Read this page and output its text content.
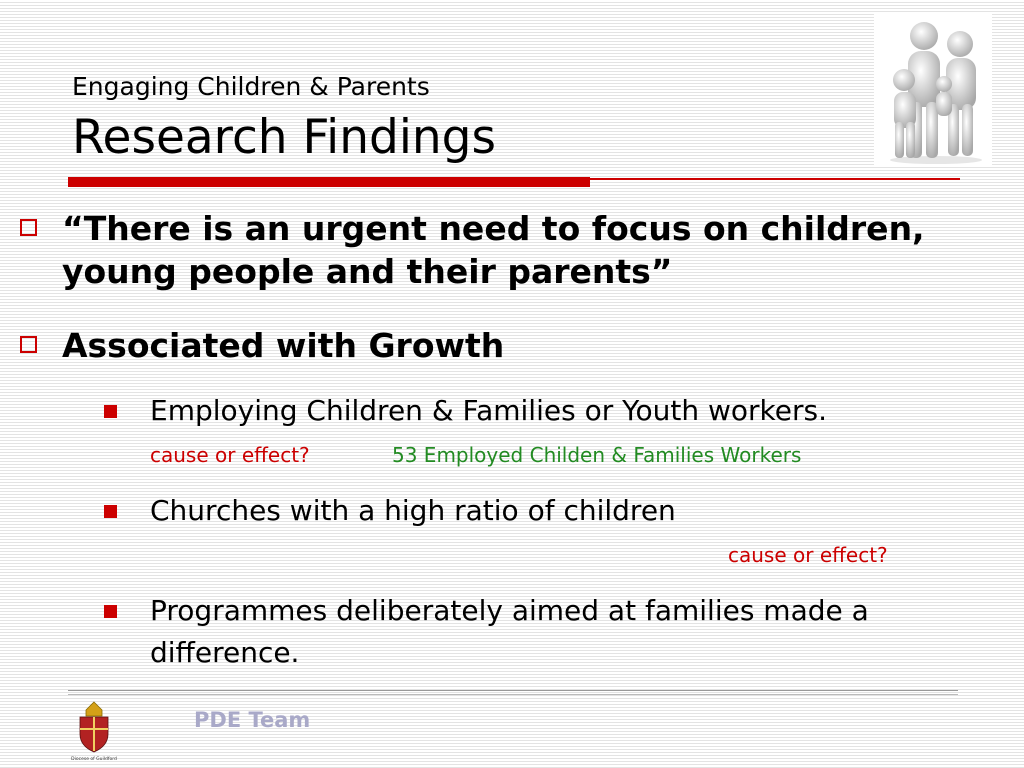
Engaging Children & Parents
Research Findings
“There is an urgent need to focus on children, young people and their parents”
Associated with Growth
Employing Children & Families or Youth workers.
cause or effect?	53 Employed Childen & Families Workers
Churches with a high ratio of children
cause or effect?
Programmes deliberately aimed at families made a difference.
Diocese of Guildford
PDE Team
